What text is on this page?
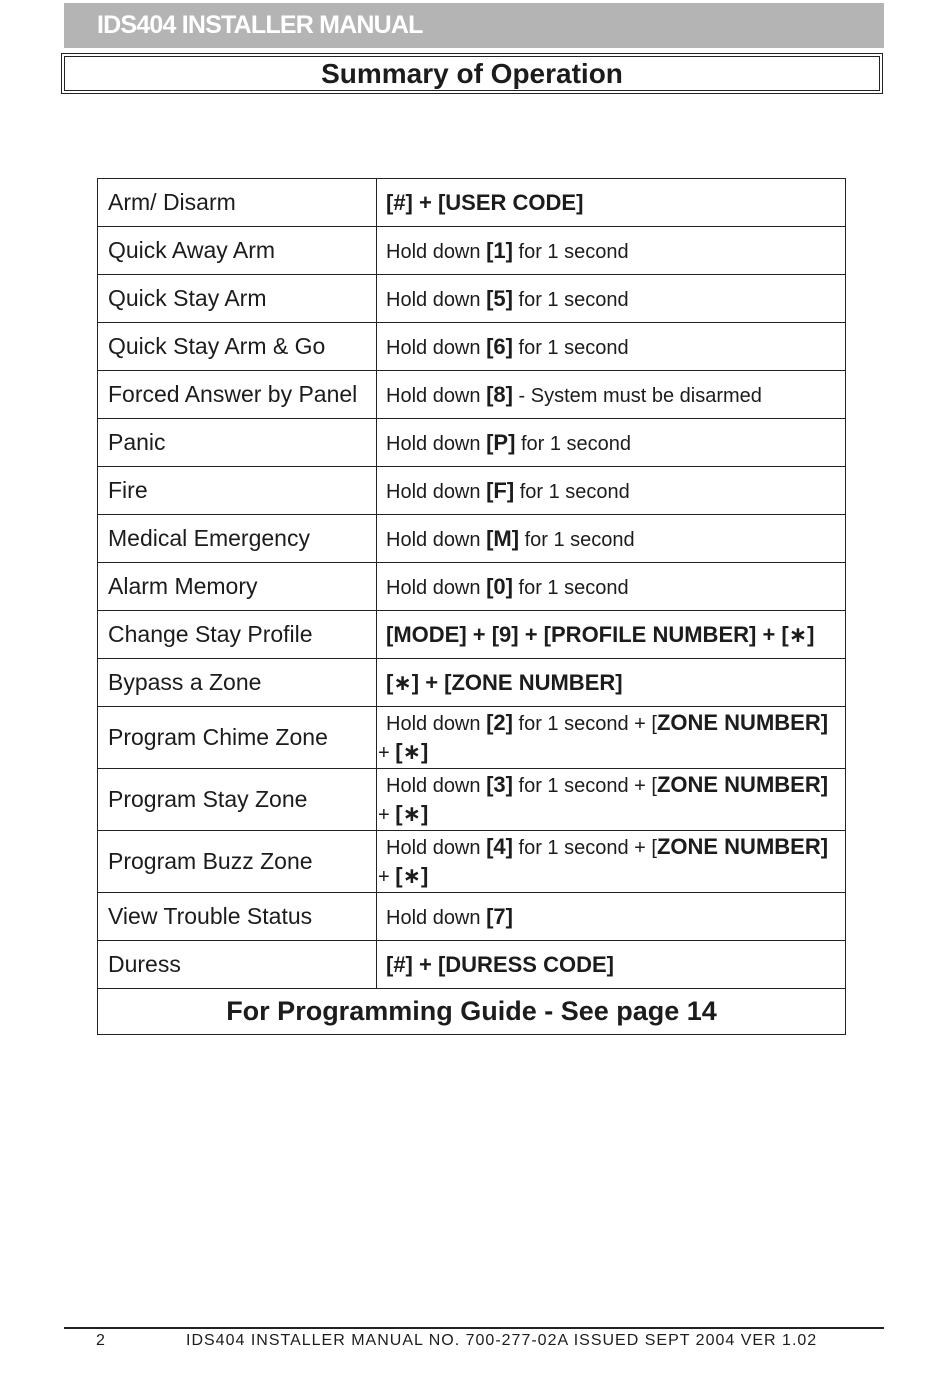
IDS404 INSTALLER MANUAL
Summary of Operation
Arm/ Disarm	[#] + [USER CODE]

Quick Away Arm	Hold down [1] for 1 second

Quick Stay Arm	Hold down [5] for 1 second

Quick Stay Arm & Go	Hold down [6] for 1 second

Forced Answer by Panel	Hold down [8] - System must be disarmed

Panic	Hold down [P] for 1 second

Fire	Hold down [F] for 1 second

Medical Emergency	Hold down [M] for 1 second

Alarm Memory	Hold down [0] for 1 second

Change Stay Profile	[MODE] + [9] + [PROFILE NUMBER] + [∗]

Bypass a Zone	[∗] + [ZONE NUMBER]

Program Chime Zone	Hold down [2] for 1 second + [ZONE NUMBER]
+ [∗]

Program Stay Zone	Hold down [3] for 1 second + [ZONE NUMBER]
+ [∗]

Program Buzz Zone	Hold down [4] for 1 second + [ZONE NUMBER]
+ [∗]

View Trouble Status	Hold down [7]

Duress	[#] + [DURESS CODE]

For Programming Guide - See page 14	
2	IDS404 INSTALLER MANUAL NO. 700-277-02A ISSUED SEPT 2004 VER 1.02
